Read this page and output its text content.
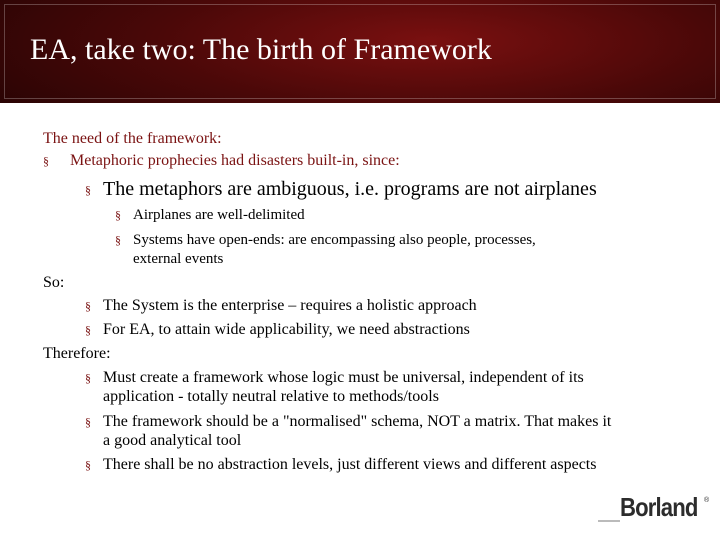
EA, take two: The birth of Framework
The need of the framework:
§ Metaphoric prophecies had disasters built-in, since:
§ The metaphors are ambiguous, i.e. programs are not airplanes
§ Airplanes are well-delimited
§ Systems have open-ends: are encompassing also people, processes,
external events
So:
§ The System is the enterprise – requires a holistic approach
§ For EA, to attain wide applicability, we need abstractions
Therefore:
§ Must create a framework whose logic must be universal, independent of its
application - totally neutral relative to methods/tools
§ The framework should be a "normalised" schema, NOT a matrix. That makes it
a good analytical tool
§ There shall be no abstraction levels, just different views and different aspects
Borland ®
